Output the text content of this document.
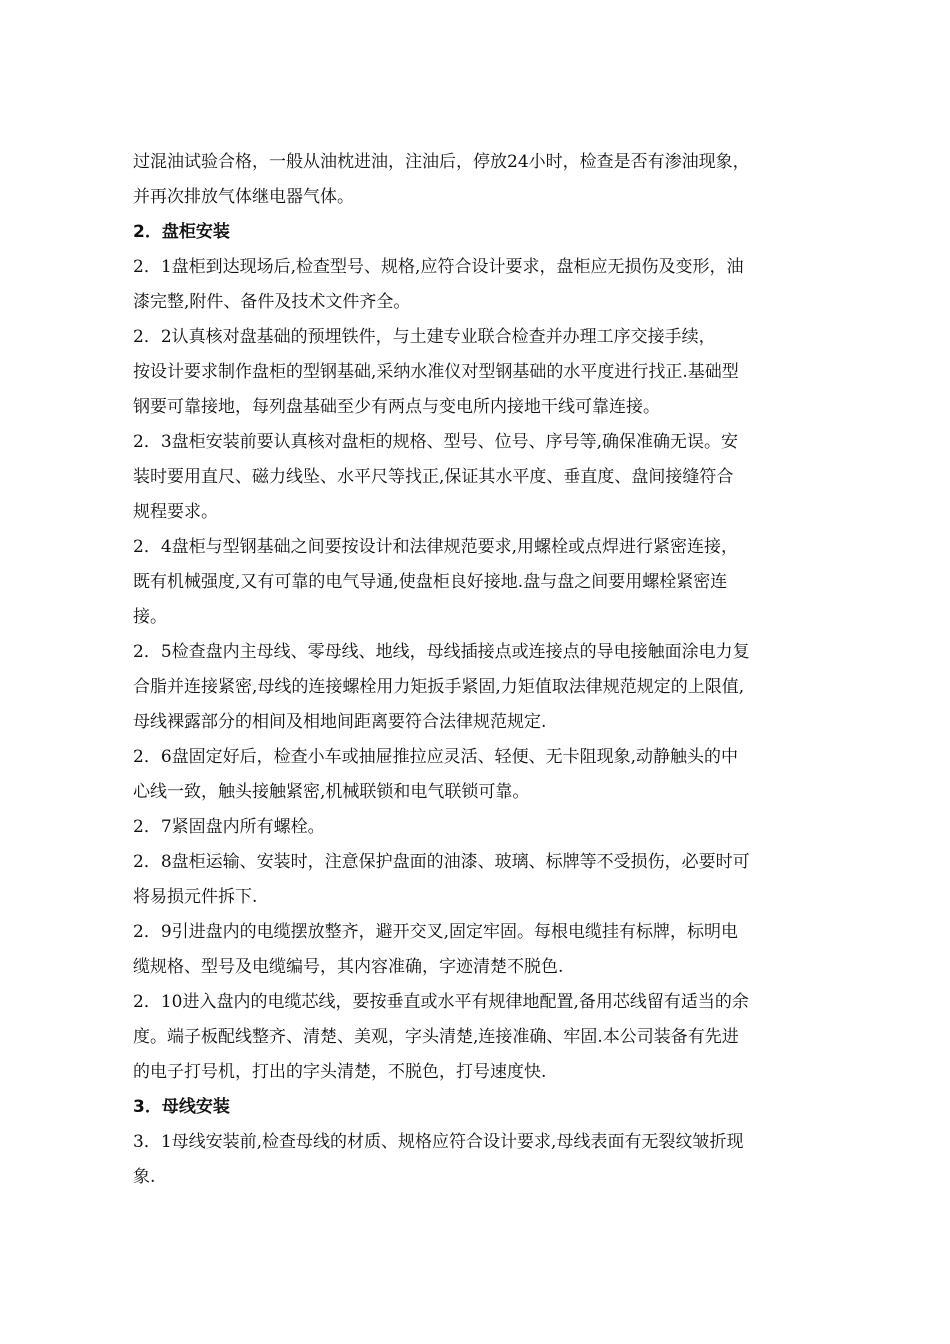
过混油试验合格，一般从油枕进油，注油后，停放24小时，检查是否有渗油现象，
并再次排放气体继电器气体。
2．盘柜安装
2．1盘柜到达现场后,检查型号、规格,应符合设计要求，盘柜应无损伤及变形，油
漆完整,附件、备件及技术文件齐全。
2．2认真核对盘基础的预埋铁件，与土建专业联合检查并办理工序交接手续，
按设计要求制作盘柜的型钢基础,采纳水准仪对型钢基础的水平度进行找正.基础型
钢要可靠接地，每列盘基础至少有两点与变电所内接地干线可靠连接。
2．3盘柜安装前要认真核对盘柜的规格、型号、位号、序号等,确保准确无误。安
装时要用直尺、磁力线坠、水平尺等找正,保证其水平度、垂直度、盘间接缝符合
规程要求。
2．4盘柜与型钢基础之间要按设计和法律规范要求,用螺栓或点焊进行紧密连接，
既有机械强度,又有可靠的电气导通,使盘柜良好接地.盘与盘之间要用螺栓紧密连
接。
2．5检查盘内主母线、零母线、地线，母线插接点或连接点的导电接触面涂电力复
合脂并连接紧密,母线的连接螺栓用力矩扳手紧固,力矩值取法律规范规定的上限值,
母线裸露部分的相间及相地间距离要符合法律规范规定.
2．6盘固定好后，检查小车或抽屉推拉应灵活、轻便、无卡阻现象,动静触头的中
心线一致，触头接触紧密,机械联锁和电气联锁可靠。
2．7紧固盘内所有螺栓。
2．8盘柜运输、安装时，注意保护盘面的油漆、玻璃、标牌等不受损伤，必要时可
将易损元件拆下.
2．9引进盘内的电缆摆放整齐，避开交叉,固定牢固。每根电缆挂有标牌，标明电
缆规格、型号及电缆编号，其内容准确，字迹清楚不脱色.
2．10进入盘内的电缆芯线，要按垂直或水平有规律地配置,备用芯线留有适当的余
度。端子板配线整齐、清楚、美观，字头清楚,连接准确、牢固.本公司装备有先进
的电子打号机，打出的字头清楚，不脱色，打号速度快.
3．母线安装
3．1母线安装前,检查母线的材质、规格应符合设计要求,母线表面有无裂纹皱折现
象.
